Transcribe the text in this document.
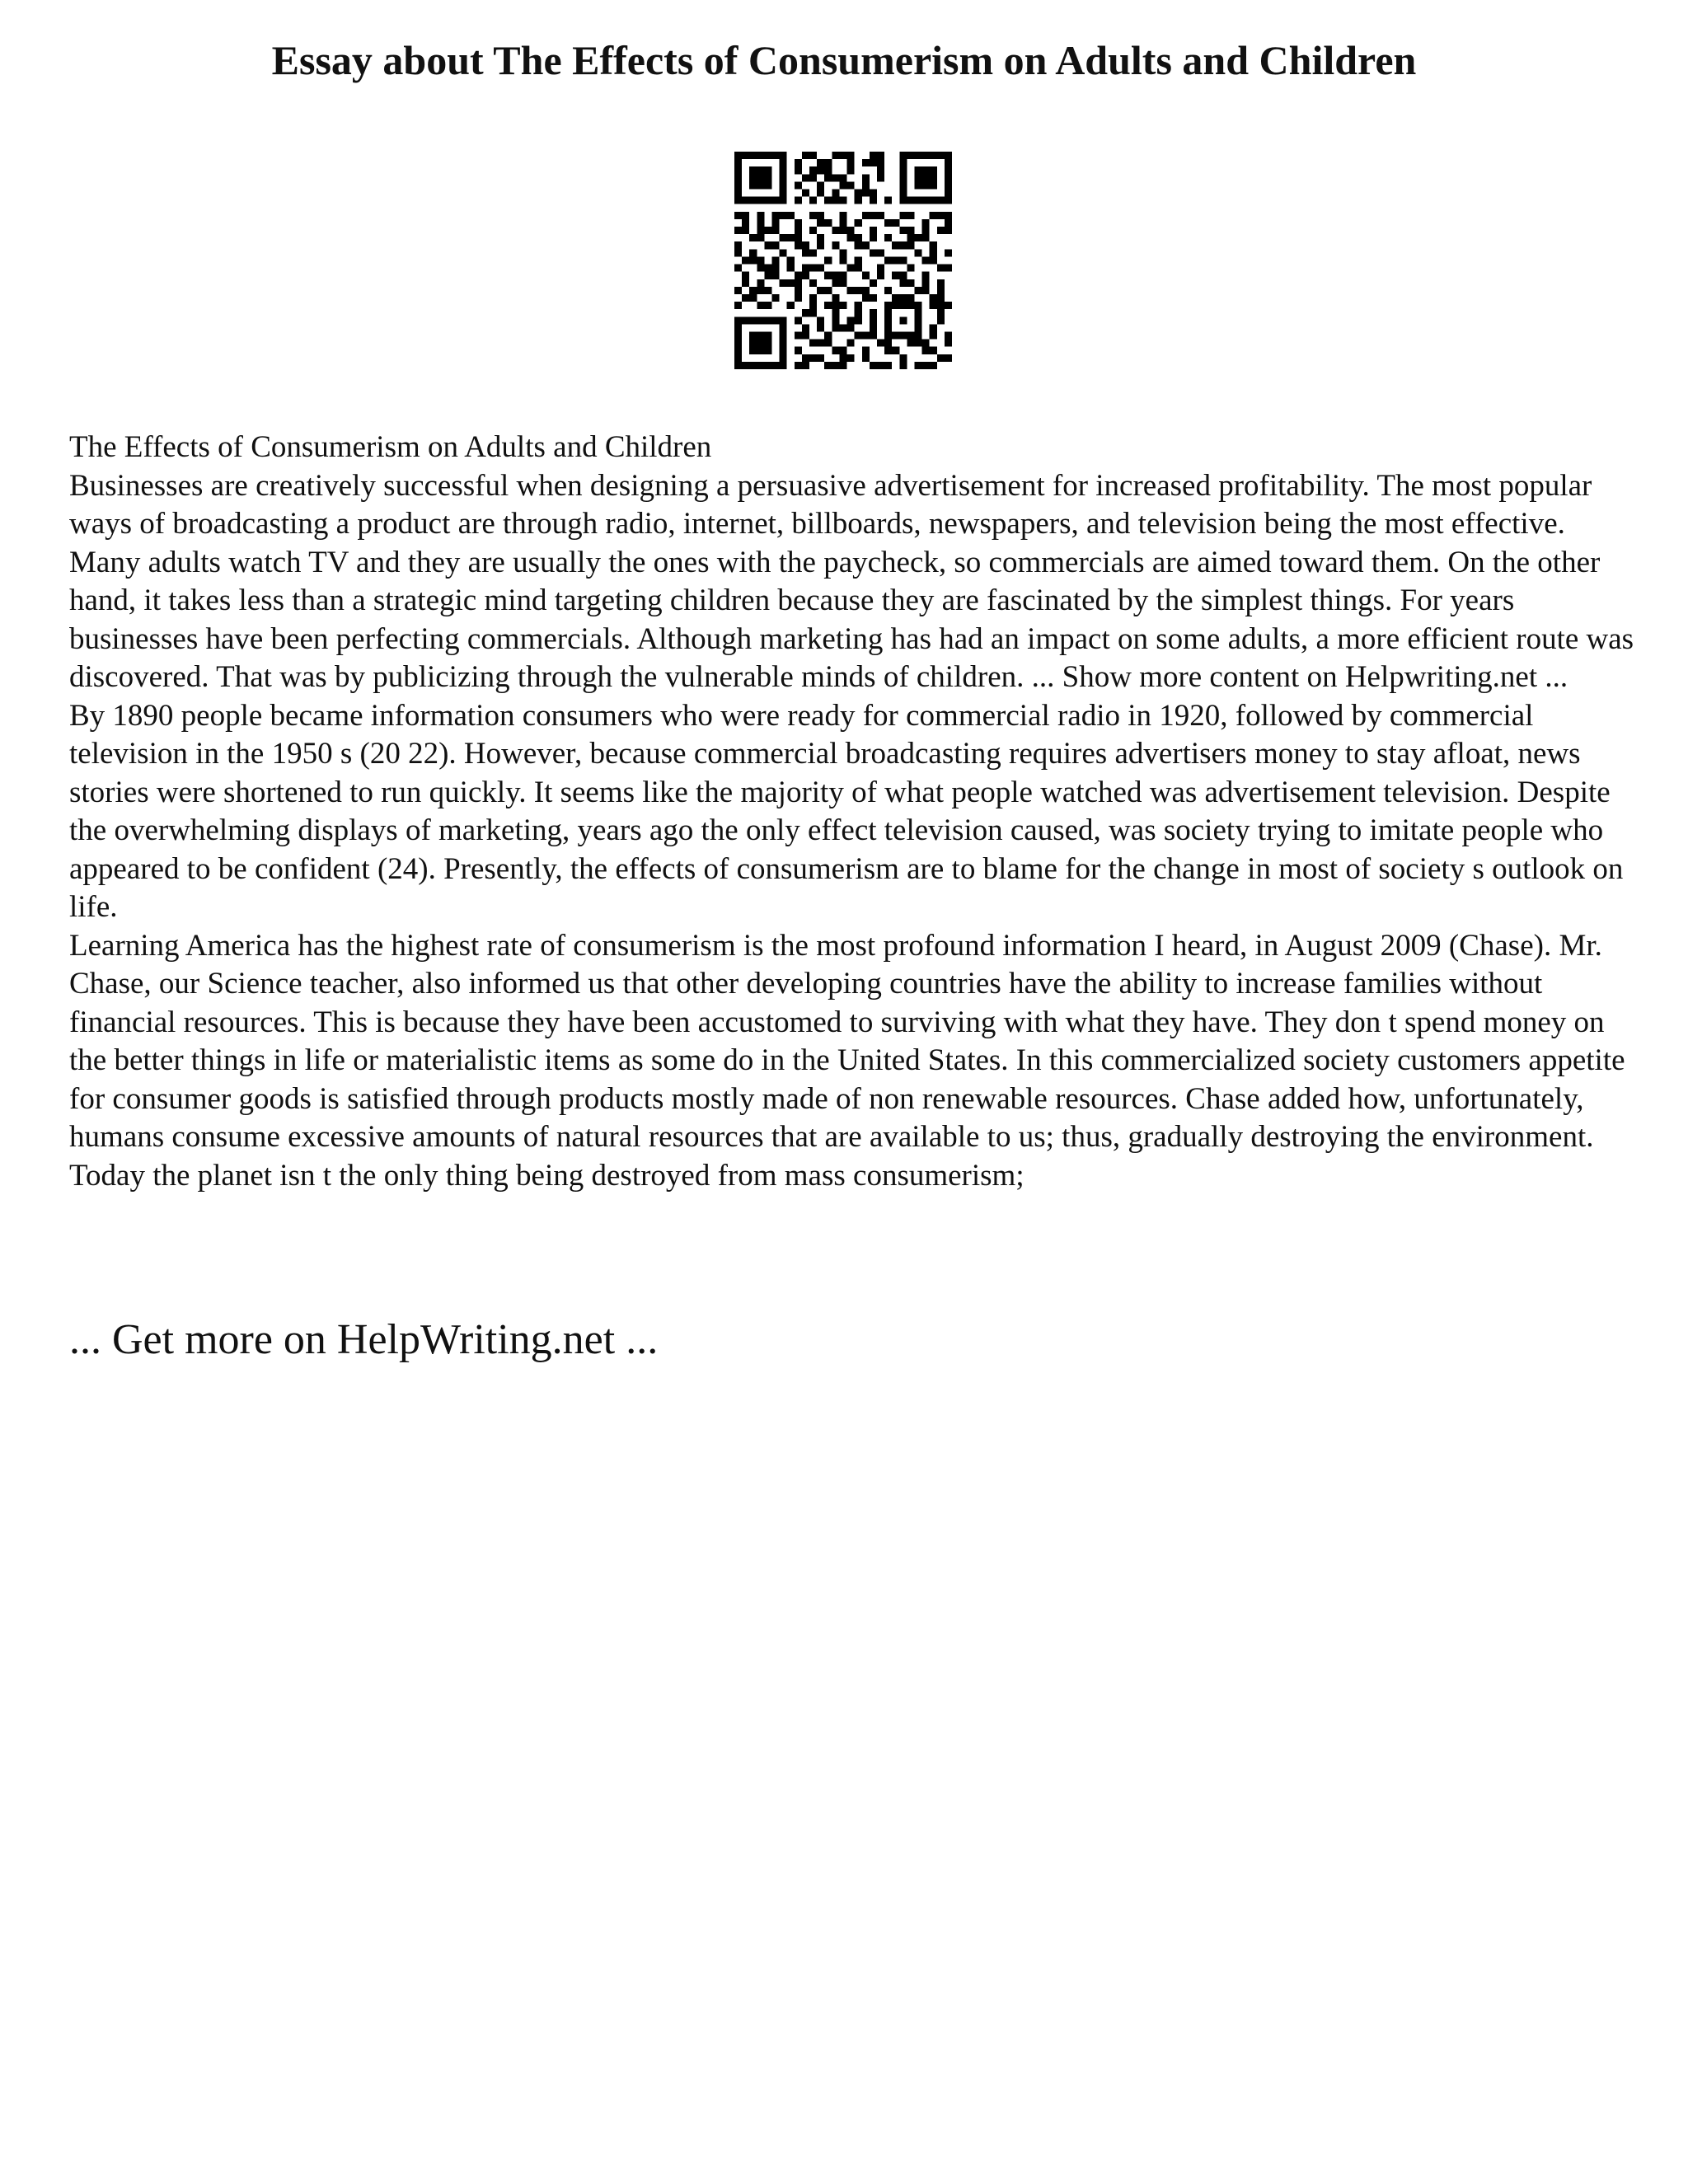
Essay about The Effects of Consumerism on Adults and Children

The Effects of Consumerism on Adults and Children

Businesses are creatively successful when designing a persuasive advertisement for increased profitability. The most popular ways of broadcasting a product are through radio, internet, billboards, newspapers, and television being the most effective. Many adults watch TV and they are usually the ones with the paycheck, so commercials are aimed toward them. On the other hand, it takes less than a strategic mind targeting children because they are fascinated by the simplest things. For years businesses have been perfecting commercials. Although marketing has had an impact on some adults, a more efficient route was discovered. That was by publicizing through the vulnerable minds of children. ... Show more content on Helpwriting.net ...

By 1890 people became information consumers who were ready for commercial radio in 1920, followed by commercial television in the 1950 s (20 22). However, because commercial broadcasting requires advertisers money to stay afloat, news stories were shortened to run quickly. It seems like the majority of what people watched was advertisement television. Despite the overwhelming displays of marketing, years ago the only effect television caused, was society trying to imitate people who appeared to be confident (24). Presently, the effects of consumerism are to blame for the change in most of society s outlook on life.

Learning America has the highest rate of consumerism is the most profound information I heard, in August 2009 (Chase). Mr. Chase, our Science teacher, also informed us that other developing countries have the ability to increase families without financial resources. This is because they have been accustomed to surviving with what they have. They don t spend money on the better things in life or materialistic items as some do in the United States. In this commercialized society customers appetite for consumer goods is satisfied through products mostly made of non renewable resources. Chase added how, unfortunately, humans consume excessive amounts of natural resources that are available to us; thus, gradually destroying the environment. Today the planet isn t the only thing being destroyed from mass consumerism;

... Get more on HelpWriting.net ...
